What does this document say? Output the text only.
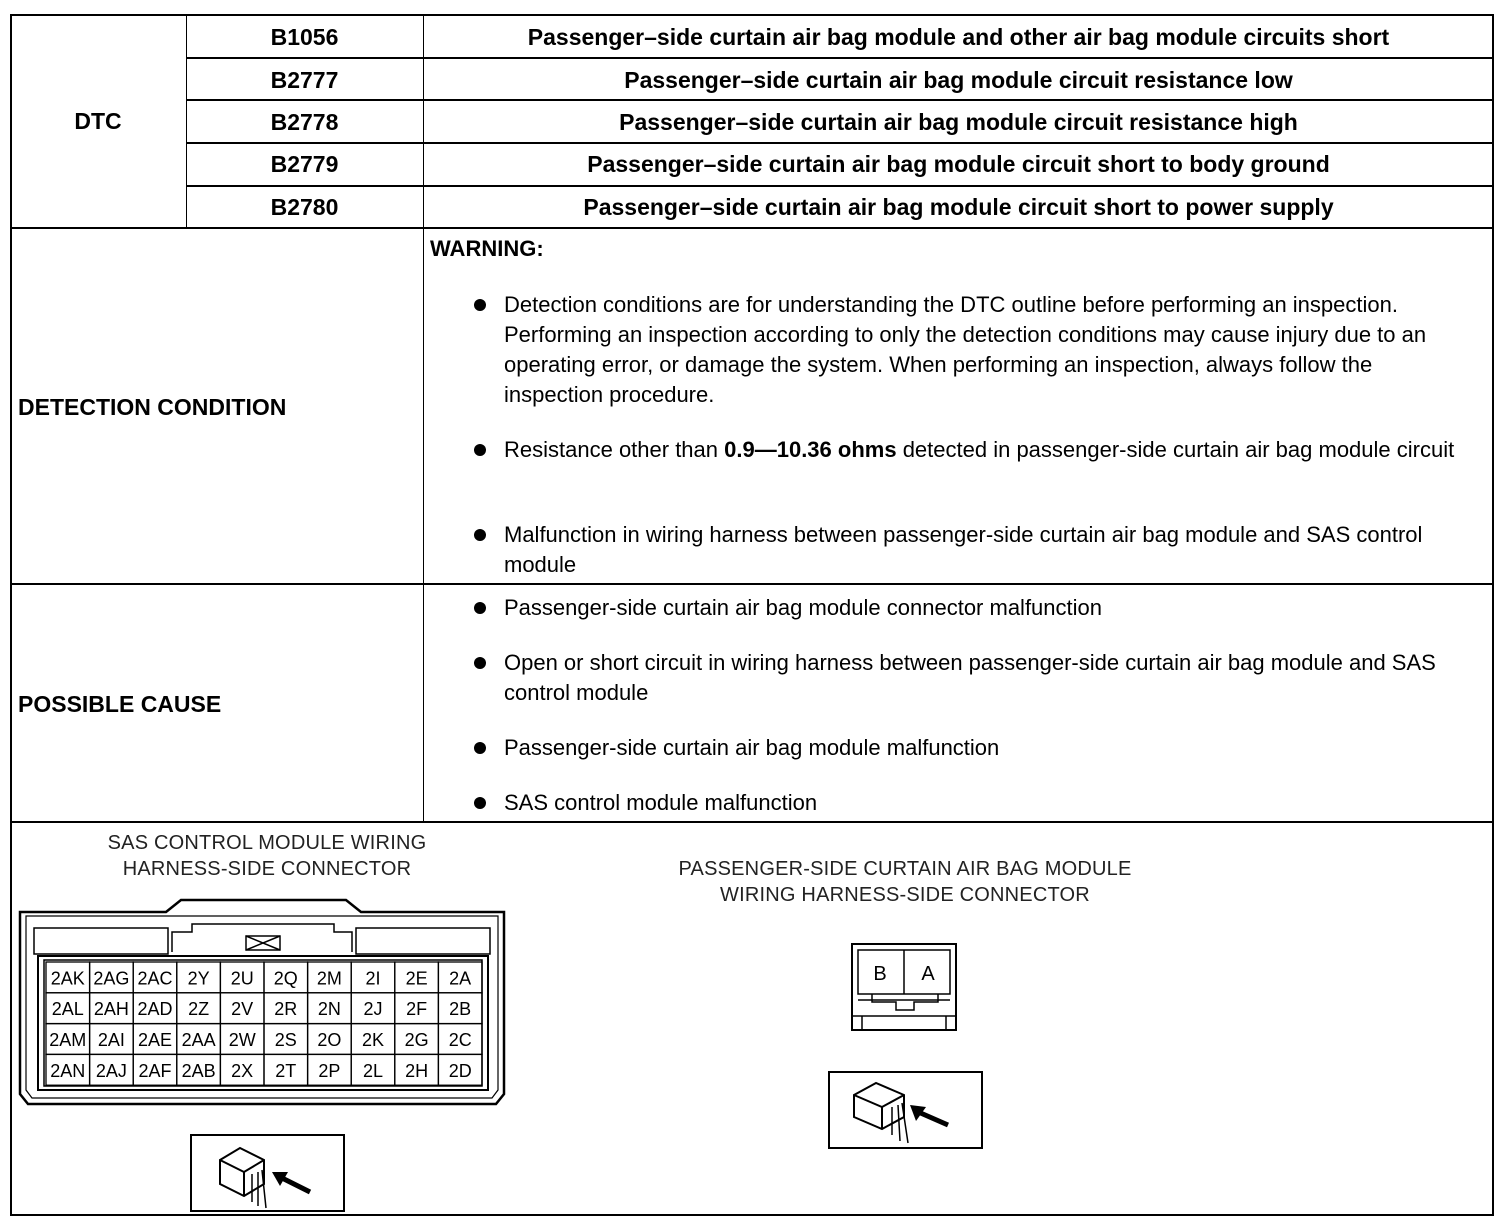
DTC
B1056	Passenger–side curtain air bag module and other air bag module circuits short
B2777	Passenger–side curtain air bag module circuit resistance low
B2778	Passenger–side curtain air bag module circuit resistance high
B2779	Passenger–side curtain air bag module circuit short to body ground
B2780	Passenger–side curtain air bag module circuit short to power supply
DETECTION CONDITION
WARNING:
Detection conditions are for understanding the DTC outline before performing an inspection. Performing an inspection according to only the detection conditions may cause injury due to an operating error, or damage the system. When performing an inspection, always follow the inspection procedure.
Resistance other than 0.9—10.36 ohms detected in passenger-side curtain air bag module circuit
Malfunction in wiring harness between passenger-side curtain air bag module and SAS control module
POSSIBLE CAUSE
Passenger-side curtain air bag module connector malfunction
Open or short circuit in wiring harness between passenger-side curtain air bag module and SAS control module
Passenger-side curtain air bag module malfunction
SAS control module malfunction
SAS CONTROL MODULE WIRING
HARNESS-SIDE CONNECTOR
2AK 2AG 2AC 2Y 2U 2Q 2M 2I 2E 2A
2AL 2AH 2AD 2Z 2V 2R 2N 2J 2F 2B
2AM 2AI 2AE 2AA 2W 2S 2O 2K 2G 2C
2AN 2AJ 2AF 2AB 2X 2T 2P 2L 2H 2D
PASSENGER-SIDE CURTAIN AIR BAG MODULE
WIRING HARNESS-SIDE CONNECTOR
B A
